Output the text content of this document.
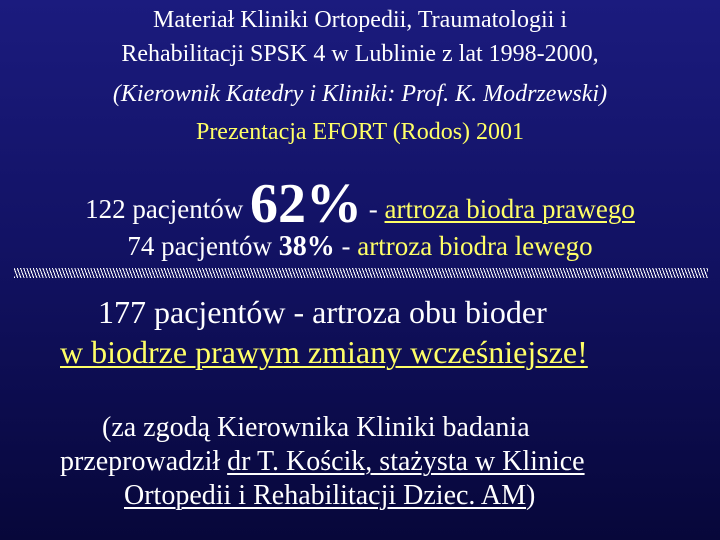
Materiał Kliniki Ortopedii, Traumatologii i
Rehabilitacji SPSK 4 w Lublinie z lat 1998-2000,
(Kierownik Katedry i Kliniki: Prof. K. Modrzewski)
Prezentacja EFORT (Rodos) 2001
122 pacjentów 62% - artroza biodra prawego
74 pacjentów 38% - artroza biodra lewego
177 pacjentów - artroza obu bioder
w biodrze prawym zmiany wcześniejsze!
(za zgodą Kierownika Kliniki badania
przeprowadził dr T. Kościk, stażysta w Klinice
Ortopedii i Rehabilitacji Dziec. AM)
